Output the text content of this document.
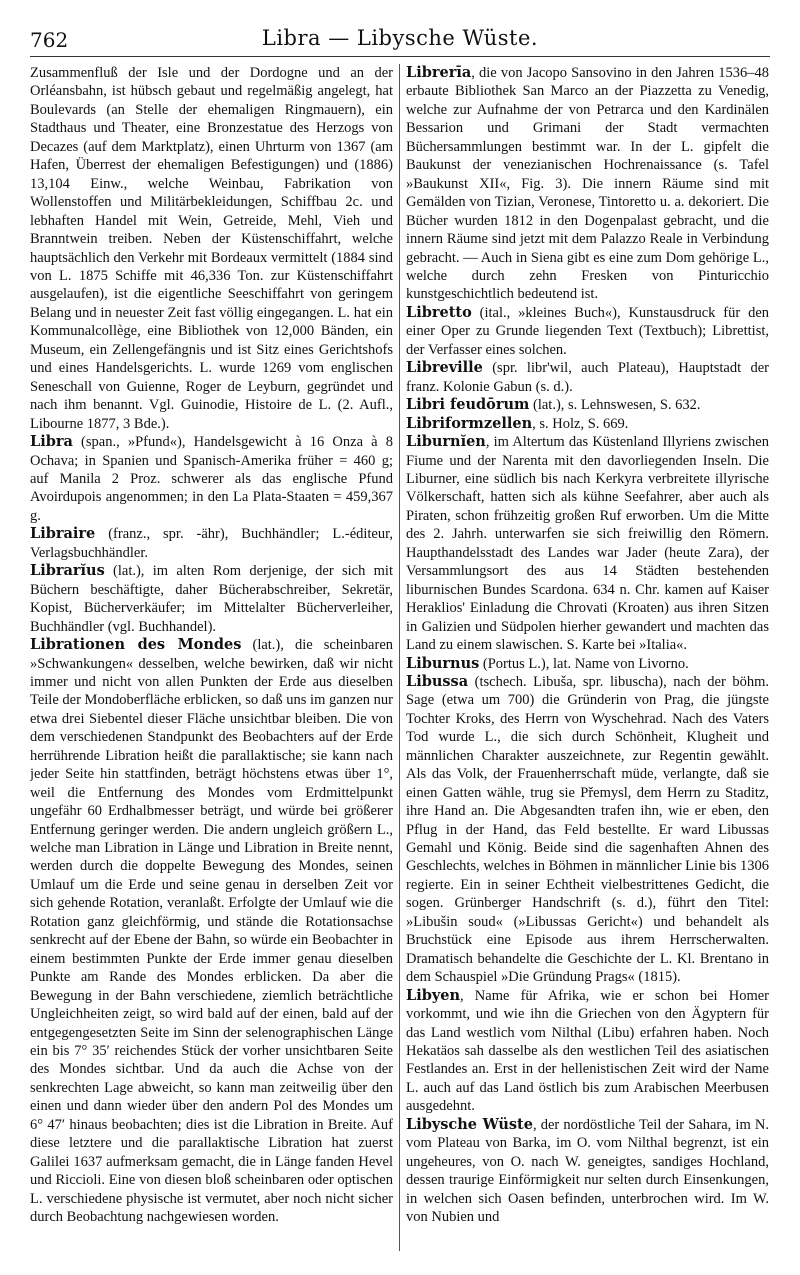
762	Libra — Libysche Wüste.

Zusammenfluß der Isle und der Dordogne und an der Orléansbahn, ist hübsch gebaut und regelmäßig angelegt, hat Boulevards (an Stelle der ehemaligen Ringmauern), ein Stadthaus und Theater, eine Bronzestatue des Herzogs von Decazes (auf dem Marktplatz), einen Uhrturm von 1367 (am Hafen, Überrest der ehemaligen Befestigungen) und (1886) 13,104 Einw., welche Weinbau, Fabrikation von Wollenstoffen und Militärbekleidungen, Schiffbau 2c. und lebhaften Handel mit Wein, Getreide, Mehl, Vieh und Branntwein treiben. Neben der Küstenschiffahrt, welche hauptsächlich den Verkehr mit Bordeaux vermittelt (1884 sind von L. 1875 Schiffe mit 46,336 Ton. zur Küstenschiffahrt ausgelaufen), ist die eigentliche Seeschiffahrt von geringem Belang und in neuester Zeit fast völlig eingegangen. L. hat ein Kommunalcollège, eine Bibliothek von 12,000 Bänden, ein Museum, ein Zellengefängnis und ist Sitz eines Gerichtshofs und eines Handelsgerichts. L. wurde 1269 vom englischen Seneschall von Guienne, Roger de Leyburn, gegründet und nach ihm benannt. Vgl. Guinodie, Histoire de L. (2. Aufl., Libourne 1877, 3 Bde.).

Libra (span., »Pfund«), Handelsgewicht à 16 Onza à 8 Ochava; in Spanien und Spanisch-Amerika früher = 460 g; auf Manila 2 Proz. schwerer als das englische Pfund Avoirdupois angenommen; in den La Plata-Staaten = 459,367 g.

Libraire (franz., spr. -ähr), Buchhändler; L.-éditeur, Verlagsbuchhändler.

Librarĭus (lat.), im alten Rom derjenige, der sich mit Büchern beschäftigte, daher Bücherabschreiber, Sekretär, Kopist, Bücherverkäufer; im Mittelalter Bücherverleiher, Buchhändler (vgl. Buchhandel).

Librationen des Mondes (lat.), die scheinbaren »Schwankungen« desselben, welche bewirken, daß wir nicht immer und nicht von allen Punkten der Erde aus dieselben Teile der Mondoberfläche erblicken, so daß uns im ganzen nur etwa drei Siebentel dieser Fläche unsichtbar bleiben. Die von dem verschiedenen Standpunkt des Beobachters auf der Erde herrührende Libration heißt die parallaktische; sie kann nach jeder Seite hin stattfinden, beträgt höchstens etwas über 1°, weil die Entfernung des Mondes vom Erdmittelpunkt ungefähr 60 Erdhalbmesser beträgt, und würde bei größerer Entfernung geringer werden. Die andern ungleich größern L., welche man Libration in Länge und Libration in Breite nennt, werden durch die doppelte Bewegung des Mondes, seinen Umlauf um die Erde und seine genau in derselben Zeit vor sich gehende Rotation, veranlaßt. Erfolgte der Umlauf wie die Rotation ganz gleichförmig, und stände die Rotationsachse senkrecht auf der Ebene der Bahn, so würde ein Beobachter in einem bestimmten Punkte der Erde immer genau dieselben Punkte am Rande des Mondes erblicken. Da aber die Bewegung in der Bahn verschiedene, ziemlich beträchtliche Ungleichheiten zeigt, so wird bald auf der einen, bald auf der entgegengesetzten Seite im Sinn der selenographischen Länge ein bis 7° 35′ reichendes Stück der vorher unsichtbaren Seite des Mondes sichtbar. Und da auch die Achse von der senkrechten Lage abweicht, so kann man zeitweilig über den einen und dann wieder über den andern Pol des Mondes um 6° 47′ hinaus beobachten; dies ist die Libration in Breite. Auf diese letztere und die parallaktische Libration hat zuerst Galilei 1637 aufmerksam gemacht, die in Länge fanden Hevel und Riccioli. Eine von diesen bloß scheinbaren oder optischen L. verschiedene physische ist vermutet, aber noch nicht sicher durch Beobachtung nachgewiesen worden.

Librerīa, die von Jacopo Sansovino in den Jahren 1536–48 erbaute Bibliothek San Marco an der Piazzetta zu Venedig, welche zur Aufnahme der von Petrarca und den Kardinälen Bessarion und Grimani der Stadt vermachten Büchersammlungen bestimmt war. In der L. gipfelt die Baukunst der venezianischen Hochrenaissance (s. Tafel »Baukunst XII«, Fig. 3). Die innern Räume sind mit Gemälden von Tizian, Veronese, Tintoretto u. a. dekoriert. Die Bücher wurden 1812 in den Dogenpalast gebracht, und die innern Räume sind jetzt mit dem Palazzo Reale in Verbindung gebracht. — Auch in Siena gibt es eine zum Dom gehörige L., welche durch zehn Fresken von Pinturicchio kunstgeschichtlich bedeutend ist.

Libretto (ital., »kleines Buch«), Kunstausdruck für den einer Oper zu Grunde liegenden Text (Textbuch); Librettist, der Verfasser eines solchen.

Libreville (spr. libr'wil, auch Plateau), Hauptstadt der franz. Kolonie Gabun (s. d.).

Libri feudōrum (lat.), s. Lehnswesen, S. 632.

Libriformzellen, s. Holz, S. 669.

Liburnĭen, im Altertum das Küstenland Illyriens zwischen Fiume und der Narenta mit den davorliegenden Inseln. Die Liburner, eine südlich bis nach Kerkyra verbreitete illyrische Völkerschaft, hatten sich als kühne Seefahrer, aber auch als Piraten, schon frühzeitig großen Ruf erworben. Um die Mitte des 2. Jahrh. unterwarfen sie sich freiwillig den Römern. Haupthandelsstadt des Landes war Jader (heute Zara), der Versammlungsort des aus 14 Städten bestehenden liburnischen Bundes Scardona. 634 n. Chr. kamen auf Kaiser Heraklios' Einladung die Chrovati (Kroaten) aus ihren Sitzen in Galizien und Südpolen hierher gewandert und machten das Land zu einem slawischen. S. Karte bei »Italia«.

Liburnus (Portus L.), lat. Name von Livorno.

Libussa (tschech. Libuša, spr. libuscha), nach der böhm. Sage (etwa um 700) die Gründerin von Prag, die jüngste Tochter Kroks, des Herrn von Wyschehrad. Nach des Vaters Tod wurde L., die sich durch Schönheit, Klugheit und männlichen Charakter auszeichnete, zur Regentin gewählt. Als das Volk, der Frauenherrschaft müde, verlangte, daß sie einen Gatten wähle, trug sie Přemysl, dem Herrn zu Staditz, ihre Hand an. Die Abgesandten trafen ihn, wie er eben, den Pflug in der Hand, das Feld bestellte. Er ward Libussas Gemahl und König. Beide sind die sagenhaften Ahnen des Geschlechts, welches in Böhmen in männlicher Linie bis 1306 regierte. Ein in seiner Echtheit vielbestrittenes Gedicht, die sogen. Grünberger Handschrift (s. d.), führt den Titel: »Libušin soud« (»Libussas Gericht«) und behandelt als Bruchstück eine Episode aus ihrem Herrscherwalten. Dramatisch behandelte die Geschichte der L. Kl. Brentano in dem Schauspiel »Die Gründung Prags« (1815).

Libyen, Name für Afrika, wie er schon bei Homer vorkommt, und wie ihn die Griechen von den Ägyptern für das Land westlich vom Nilthal (Libu) erfahren haben. Noch Hekatäos sah dasselbe als den westlichen Teil des asiatischen Festlandes an. Erst in der hellenistischen Zeit wird der Name L. auch auf das Land östlich bis zum Arabischen Meerbusen ausgedehnt.

Libysche Wüste, der nordöstliche Teil der Sahara, im N. vom Plateau von Barka, im O. vom Nilthal begrenzt, ist ein ungeheures, von O. nach W. geneigtes, sandiges Hochland, dessen traurige Einförmigkeit nur selten durch Einsenkungen, in welchen sich Oasen befinden, unterbrochen wird. Im W. von Nubien und
